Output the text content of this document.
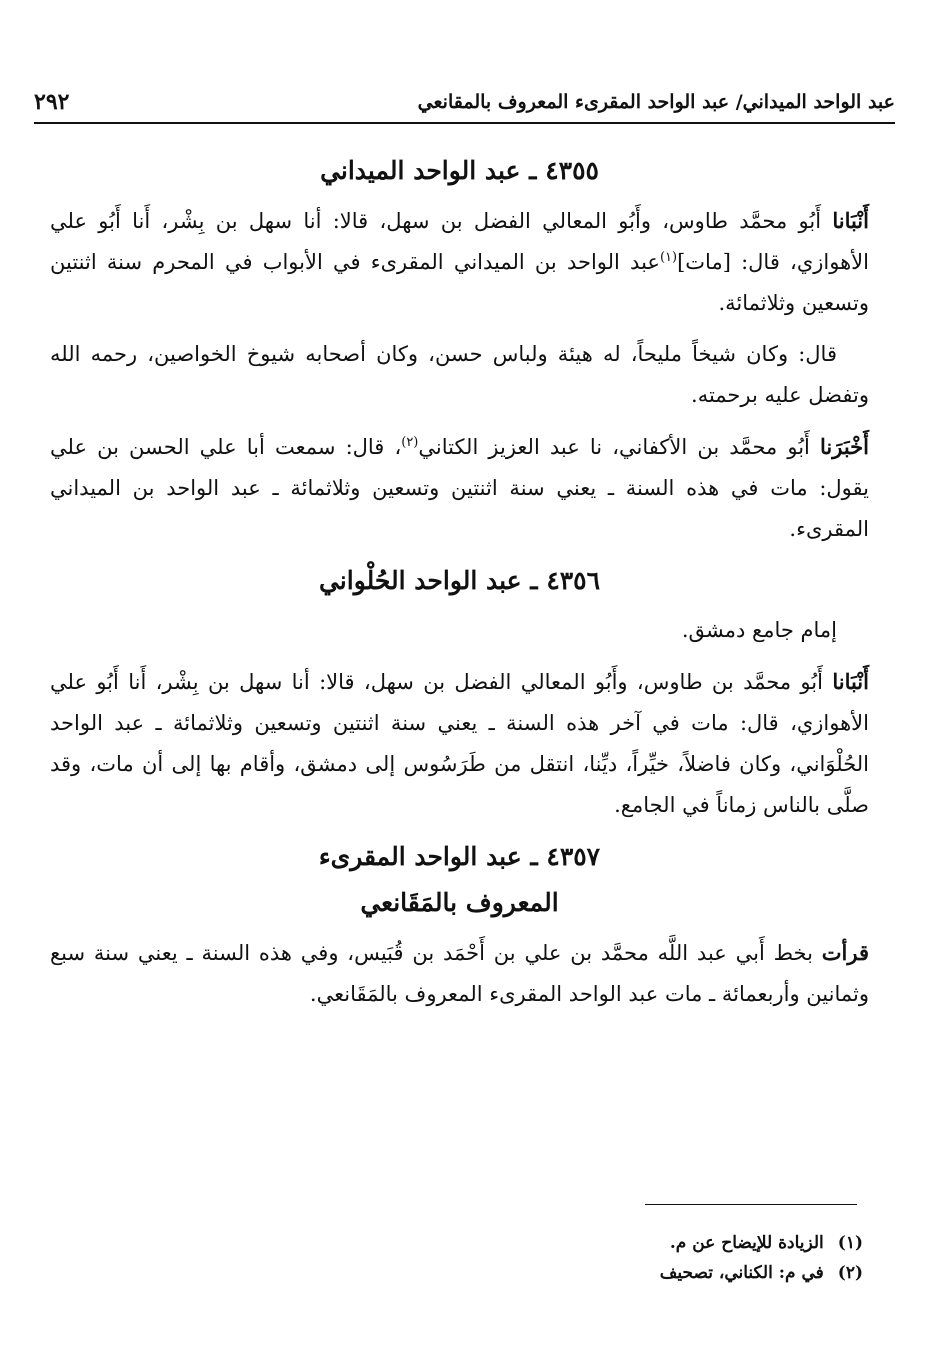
عبد الواحد الميداني/ عبد الواحد المقرىء المعروف بالمقانعي
٢٩٢
٤٣٥٥ ـ عبد الواحد الميداني

أَنْبَانا أَبُو محمَّد طاوس، وأَبُو المعالي الفضل بن سهل، قالا: أنا سهل بن بِشْر، أَنا أَبُو علي الأهوازي، قال: [مات]$^{(١)}$عبد الواحد بن الميداني المقرىء في الأبواب في المحرم سنة اثنتين وتسعين وثلاثمائة.

قال: وكان شيخاً مليحاً، له هيئة ولباس حسن، وكان أصحابه شيوخ الخواصين، رحمه الله وتفضل عليه برحمته.

أَخْبَرَنا أَبُو محمَّد بن الأكفاني، نا عبد العزيز الكتاني$^{(٢)}$، قال: سمعت أبا علي الحسن بن علي يقول: مات في هذه السنة ـ يعني سنة اثنتين وتسعين وثلاثمائة ـ عبد الواحد بن الميداني المقرىء.

٤٣٥٦ ـ عبد الواحد الحُلْواني

إمام جامع دمشق.

أَنْبَانا أَبُو محمَّد بن طاوس، وأَبُو المعالي الفضل بن سهل، قالا: أنا سهل بن بِشْر، أَنا أَبُو علي الأهوازي، قال: مات في آخر هذه السنة ـ يعني سنة اثنتين وتسعين وثلاثمائة ـ عبد الواحد الحُلْوَاني، وكان فاضلاً، خيِّراً، ديِّنا، انتقل من طَرَسُوس إلى دمشق، وأقام بها إلى أن مات، وقد صلَّى بالناس زماناً في الجامع.

٤٣٥٧ ـ عبد الواحد المقرىء
المعروف بالمَقَانعي

قرأت بخط أَبي عبد اللَّه محمَّد بن علي بن أَحْمَد بن قُبَيس، وفي هذه السنة ـ يعني سنة سبع وثمانين وأربعمائة ـ مات عبد الواحد المقرىء المعروف بالمَقَانعي.

(١)
الزيادة للإيضاح عن م.
(٢)
في م: الكناني، تصحيف
